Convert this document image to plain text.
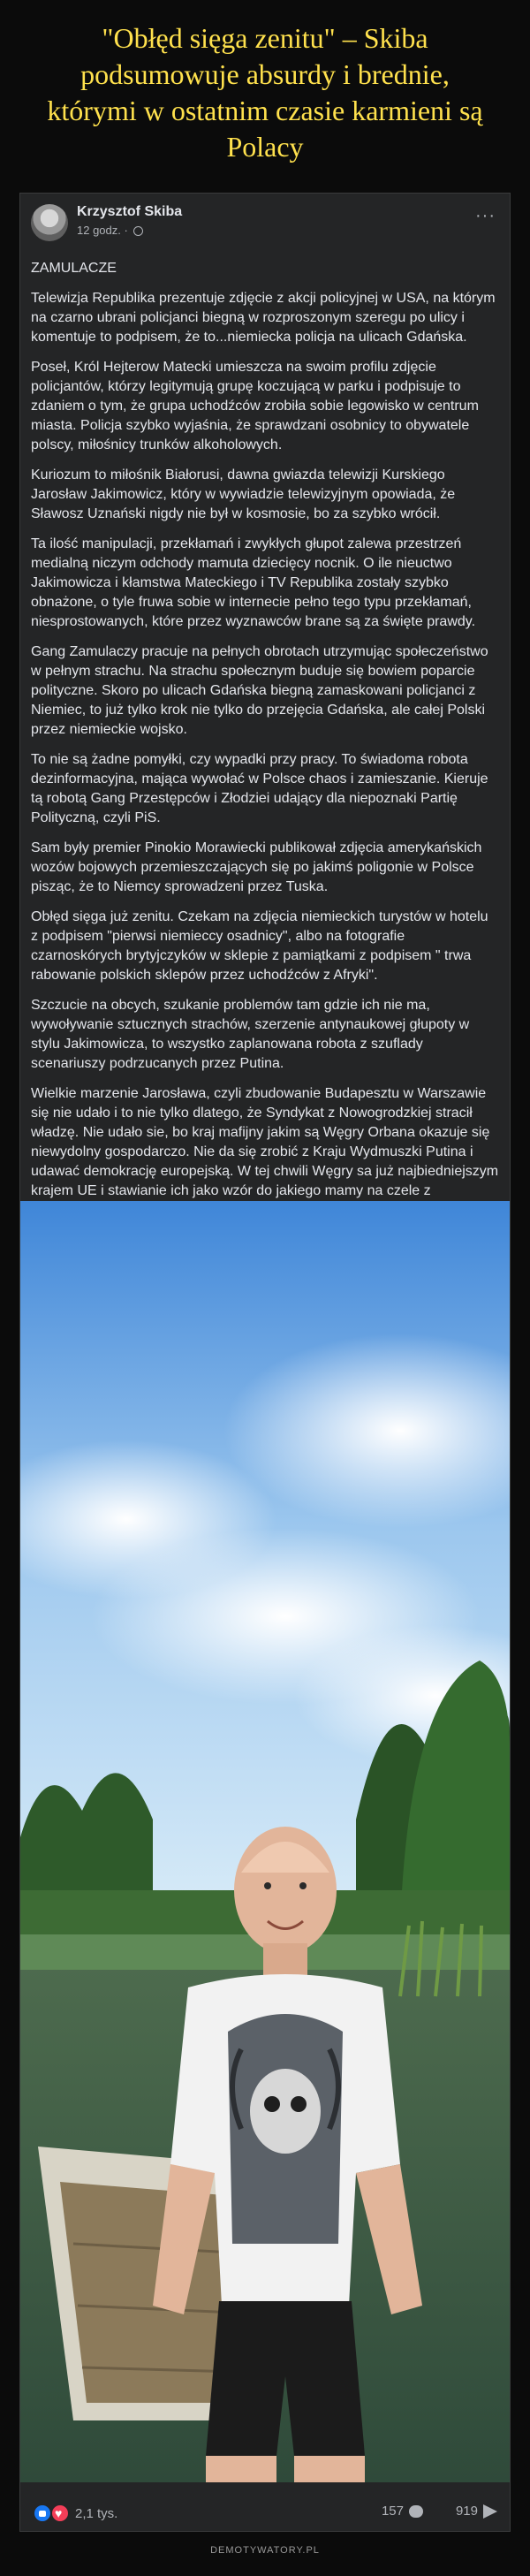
"Obłęd sięga zenitu" – Skiba podsumowuje absurdy i brednie, którymi w ostatnim czasie karmieni są Polacy
Krzysztof Skiba
12 godz. ·
···

ZAMULACZE

Telewizja Republika prezentuje zdjęcie z akcji policyjnej w USA, na którym na czarno ubrani policjanci biegną w rozproszonym szeregu po ulicy i komentuje to podpisem, że to...niemiecka policja na ulicach Gdańska.

Poseł, Król Hejterow Matecki umieszcza na swoim profilu zdjęcie policjantów, którzy legitymują grupę koczującą w parku i podpisuje to zdaniem o tym, że grupa uchodźców zrobiła sobie legowisko w centrum miasta. Policja szybko wyjaśnia, że sprawdzani osobnicy to obywatele polscy, miłośnicy trunków alkoholowych.

Kuriozum to miłośnik Białorusi, dawna gwiazda telewizji Kurskiego Jarosław Jakimowicz, który w wywiadzie telewizyjnym opowiada, że Sławosz Uznański nigdy nie był w kosmosie, bo za szybko wrócił.

Ta ilość manipulacji, przekłamań i zwykłych głupot zalewa przestrzeń medialną niczym odchody mamuta dziecięcy nocnik. O ile nieuctwo Jakimowicza i kłamstwa Mateckiego i TV Republika zostały szybko obnażone, o tyle fruwa sobie w internecie pełno tego typu przekłamań, niesprostowanych, które przez wyznawców brane są za święte prawdy.

Gang Zamulaczy pracuje na pełnych obrotach utrzymując społeczeństwo w pełnym strachu. Na strachu społecznym buduje się bowiem poparcie polityczne. Skoro po ulicach Gdańska biegną zamaskowani policjanci z Niemiec, to już tylko krok nie tylko do przejęcia Gdańska, ale całej Polski przez niemieckie wojsko.

To nie są żadne pomyłki, czy wypadki przy pracy. To świadoma robota dezinformacyjna, mająca wywołać w Polsce chaos i zamieszanie. Kieruje tą robotą Gang Przestępców i Złodziei udający dla niepoznaki Partię Polityczną, czyli PiS.

Sam były premier Pinokio Morawiecki publikował zdjęcia amerykańskich wozów bojowych przemieszczających się po jakimś poligonie w Polsce pisząc, że to Niemcy sprowadzeni przez Tuska.

Obłęd sięga już zenitu. Czekam na zdjęcia niemieckich turystów w hotelu z podpisem "pierwsi niemieccy osadnicy", albo na fotografie czarnoskórych brytyjczyków w sklepie z pamiątkami z podpisem " trwa rabowanie polskich sklepów przez uchodźców z Afryki".

Szczucie na obcych, szukanie problemów tam gdzie ich nie ma, wywoływanie sztucznych strachów, szerzenie antynaukowej głupoty w stylu Jakimowicza, to wszystko zaplanowana robota z szuflady scenariuszy podrzucanych przez Putina.

Wielkie marzenie Jarosława, czyli zbudowanie Budapesztu w Warszawie się nie udało i to nie tylko dlatego, że Syndykat z Nowogrodzkiej stracił władzę. Nie udało sie, bo kraj mafijny jakim są Węgry Orbana okazuje się niewydolny gospodarczo. Nie da się zrobić z Kraju Wydmuszki Putina i udawać demokrację europejską. W tej chwili Węgry sa już najbiedniejszym krajem UE i stawianie ich jako wzór do jakiego mamy na czele z

♥
2,1 tys.	157	919
DEMOTYWATORY.PL
